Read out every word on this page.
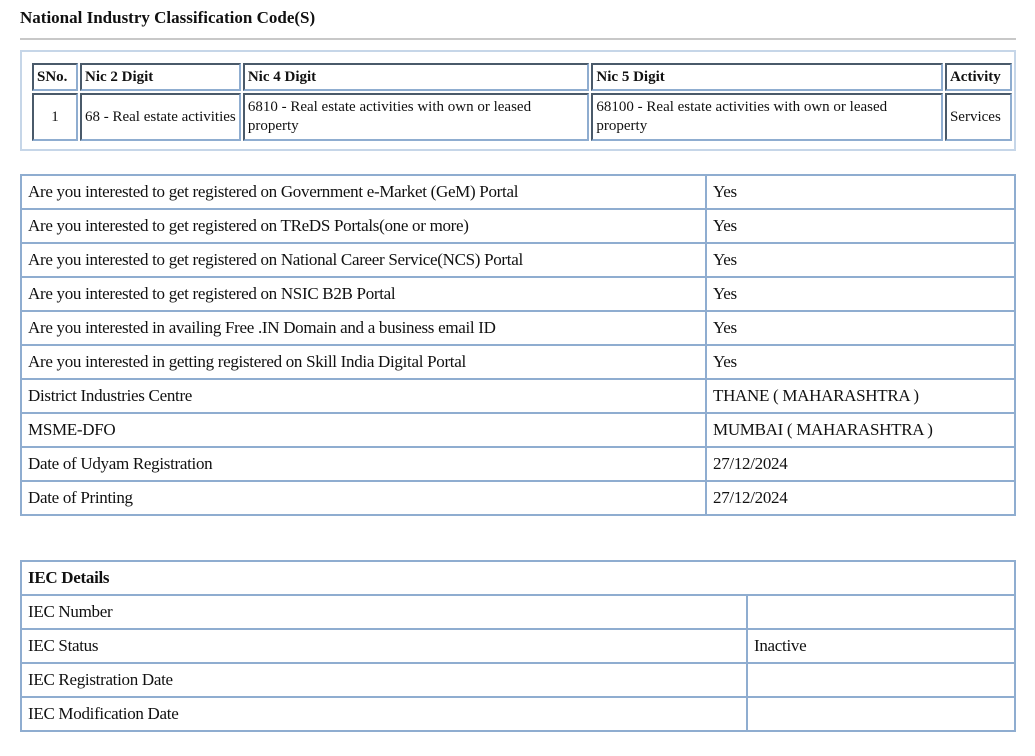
National Industry Classification Code(S)
SNo.	Nic 2 Digit	Nic 4 Digit	Nic 5 Digit	Activity
1	68 - Real estate activities	6810 - Real estate activities with own or leased property	68100 - Real estate activities with own or leased property	Services
Are you interested to get registered on Government e-Market (GeM) Portal	Yes
Are you interested to get registered on TReDS Portals(one or more)	Yes
Are you interested to get registered on National Career Service(NCS) Portal	Yes
Are you interested to get registered on NSIC B2B Portal	Yes
Are you interested in availing Free .IN Domain and a business email ID	Yes
Are you interested in getting registered on Skill India Digital Portal	Yes
District Industries Centre	THANE ( MAHARASHTRA )
MSME-DFO	MUMBAI ( MAHARASHTRA )
Date of Udyam Registration	27/12/2024
Date of Printing	27/12/2024
IEC Details	
IEC Number	
IEC Status	Inactive
IEC Registration Date	
IEC Modification Date	
